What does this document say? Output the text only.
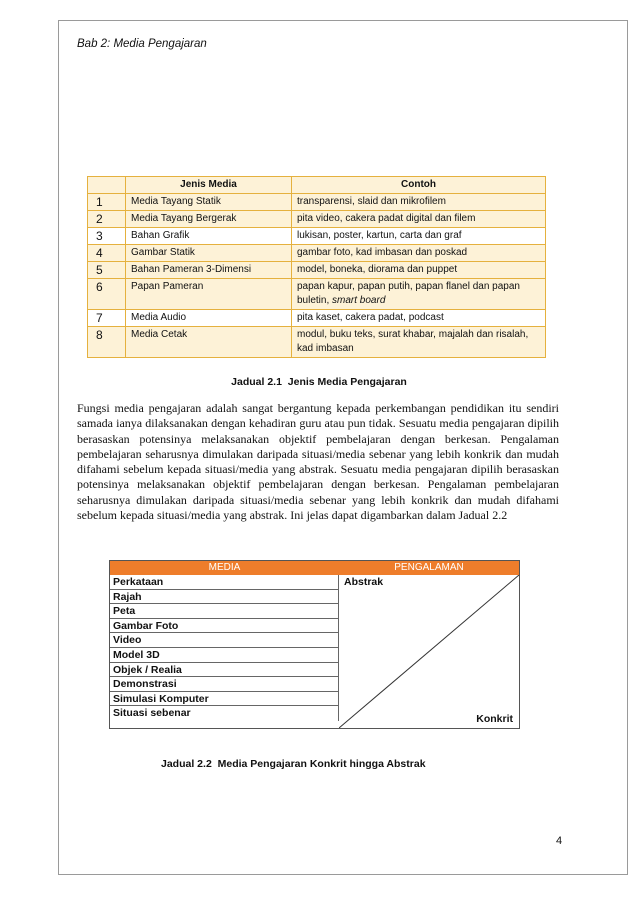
Bab 2: Media Pengajaran
	Jenis Media	Contoh
1	Media Tayang Statik	transparensi, slaid dan mikrofilem
2	Media Tayang Bergerak	pita video, cakera padat digital dan filem
3	Bahan Grafik	lukisan, poster, kartun, carta dan graf
4	Gambar Statik	gambar foto, kad imbasan dan poskad
5	Bahan Pameran 3-Dimensi	model, boneka, diorama dan puppet
6	Papan Pameran	papan kapur, papan putih, papan flanel dan papan buletin, smart board
7	Media Audio	pita kaset, cakera padat, podcast
8	Media Cetak	modul, buku teks, surat khabar, majalah dan risalah, kad imbasan
Jadual 2.1 Jenis Media Pengajaran

Fungsi media pengajaran adalah sangat bergantung kepada perkembangan pendidikan itu sendiri samada ianya dilaksanakan dengan kehadiran guru atau pun tidak. Sesuatu media pengajaran dipilih berasaskan potensinya melaksanakan objektif pembelajaran dengan berkesan. Pengalaman pembelajaran seharusnya dimulakan daripada situasi/media sebenar yang lebih konkrik dan mudah difahami sebelum kepada situasi/media yang abstrak. Sesuatu media pengajaran dipilih berasaskan potensinya melaksanakan objektif pembelajaran dengan berkesan. Pengalaman pembelajaran seharusnya dimulakan daripada situasi/media sebenar yang lebih konkrik dan mudah difahami sebelum kepada situasi/media yang abstrak. Ini jelas dapat digambarkan dalam Jadual 2.2

MEDIA	PENGALAMAN
Perkataan
Rajah
Peta
Gambar Foto
Video
Model 3D
Objek / Realia
Demonstrasi
Simulasi Komputer
Situasi sebenar
Abstrak
Konkrit
Jadual 2.2 Media Pengajaran Konkrit hingga Abstrak
4
